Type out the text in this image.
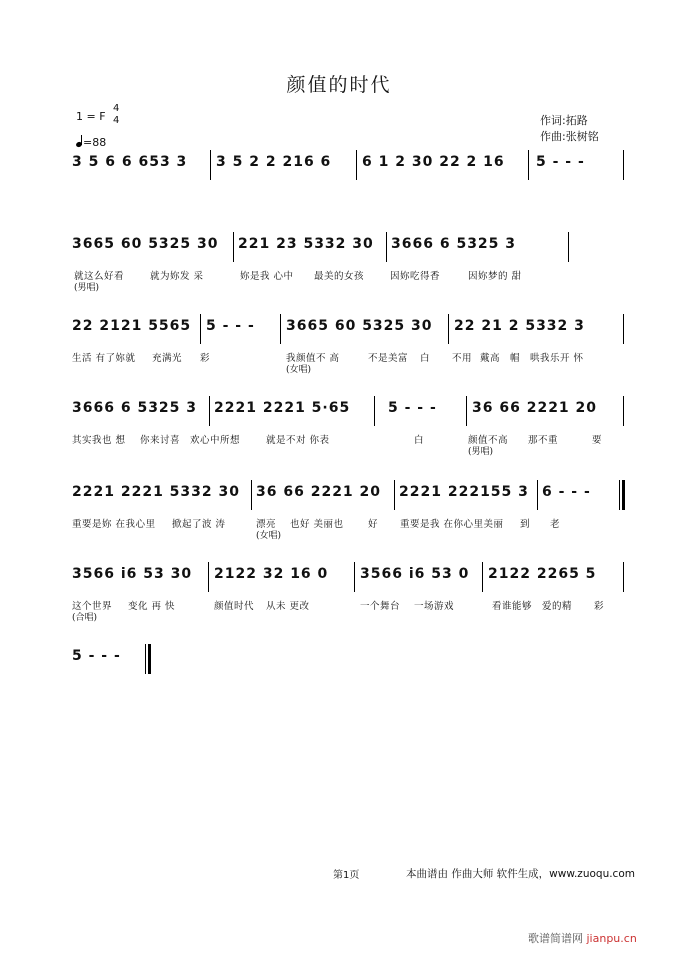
颜值的时代
1 = F
4
4
=88
作词:拓路
作曲:张树铭
3 5 6 6 653 3 3 5 2 2 216 6 6 1 2 30 22 2 16 5 - - -
3665 60 5325 30 221 23 5332 30 3666 6 5325 3
就这么好看	就为妳发 采	妳是我 心中 最美的女孩	因妳吃得香	因妳梦的 甜
(男唱)
22 2121 5565 5 - - - 3665 60 5325 30 22 21 2 5332 3
生活 有了妳就 充满光 彩	我颜值不 高	不是美富 白 不用 戴高 帽 哄我乐开 怀
(女唱)
3666 6 5325 3 2221 2221 5·65	5 - - -	36 66 2221 20
其实我也 想 你来讨喜 欢心中所想	就是不对 你表	白	颜值不高 那不重	要
(男唱)
2221 2221 5332 30 36 66 2221 20 2221 222155 3 6 - - -
重要是妳 在我心里 掀起了波 涛	漂亮 也好 美丽也	好 重要是我 在你心里美丽 到 老
(女唱)
3566 i6 53 30 2122 32 16 0 3566 i6 53 0 2122 2265 5
这个世界 变化 再 快	颜值时代 从未 更改	一个舞台 一场游戏	看谁能够 爱的精 彩
(合唱)
5 - - -
第1页	本曲谱由 作曲大师 软件生成，www.zuoqu.com
歌谱简谱网 jianpu.cn
